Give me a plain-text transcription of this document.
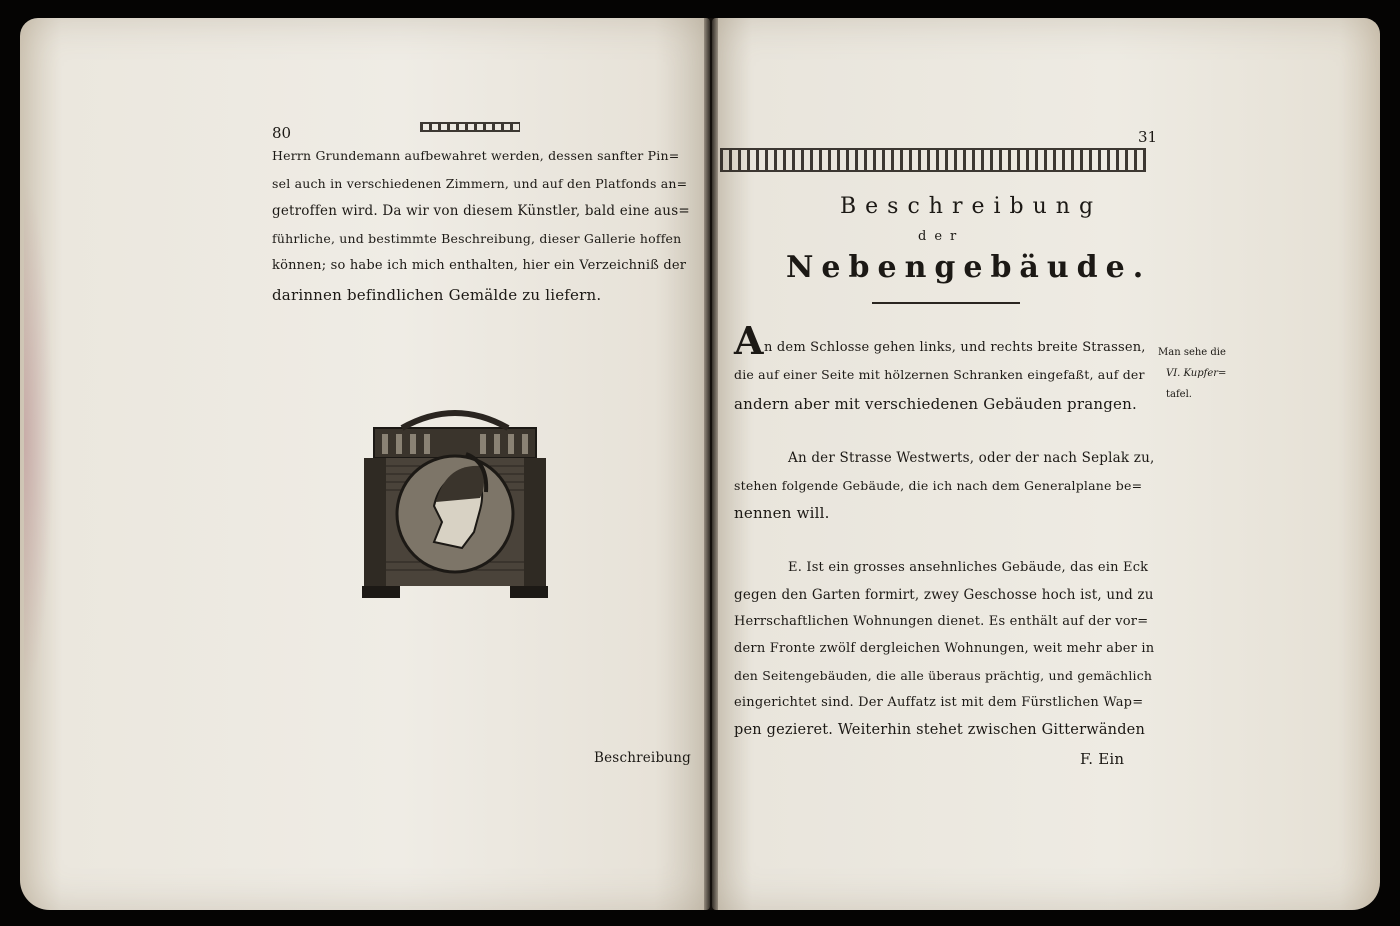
80
Herrn Grundemann aufbewahret werden, dessen sanfter Pin=
sel auch in verschiedenen Zimmern, und auf den Platfonds an=
getroffen wird. Da wir von diesem Künstler, bald eine aus=
führliche, und bestimmte Beschreibung, dieser Gallerie hoffen
können; so habe ich mich enthalten, hier ein Verzeichniß der
darinnen befindlichen Gemälde zu liefern.
Beschreibung
31
Beschreibung
der
Nebengebäude.
A n dem Schlosse gehen links, und rechts breite Strassen,
die auf einer Seite mit hölzernen Schranken eingefaßt, auf der
andern aber mit verschiedenen Gebäuden prangen.
Man sehe die
VI. Kupfer=
tafel.
An der Strasse Westwerts, oder der nach Seplak zu,
stehen folgende Gebäude, die ich nach dem Generalplane be=
nennen will.
E. Ist ein grosses ansehnliches Gebäude, das ein Eck
gegen den Garten formirt, zwey Geschosse hoch ist, und zu
Herrschaftlichen Wohnungen dienet. Es enthält auf der vor=
dern Fronte zwölf dergleichen Wohnungen, weit mehr aber in
den Seitengebäuden, die alle überaus prächtig, und gemächlich
eingerichtet sind. Der Auffatz ist mit dem Fürstlichen Wap=
pen gezieret. Weiterhin stehet zwischen Gitterwänden
F. Ein
